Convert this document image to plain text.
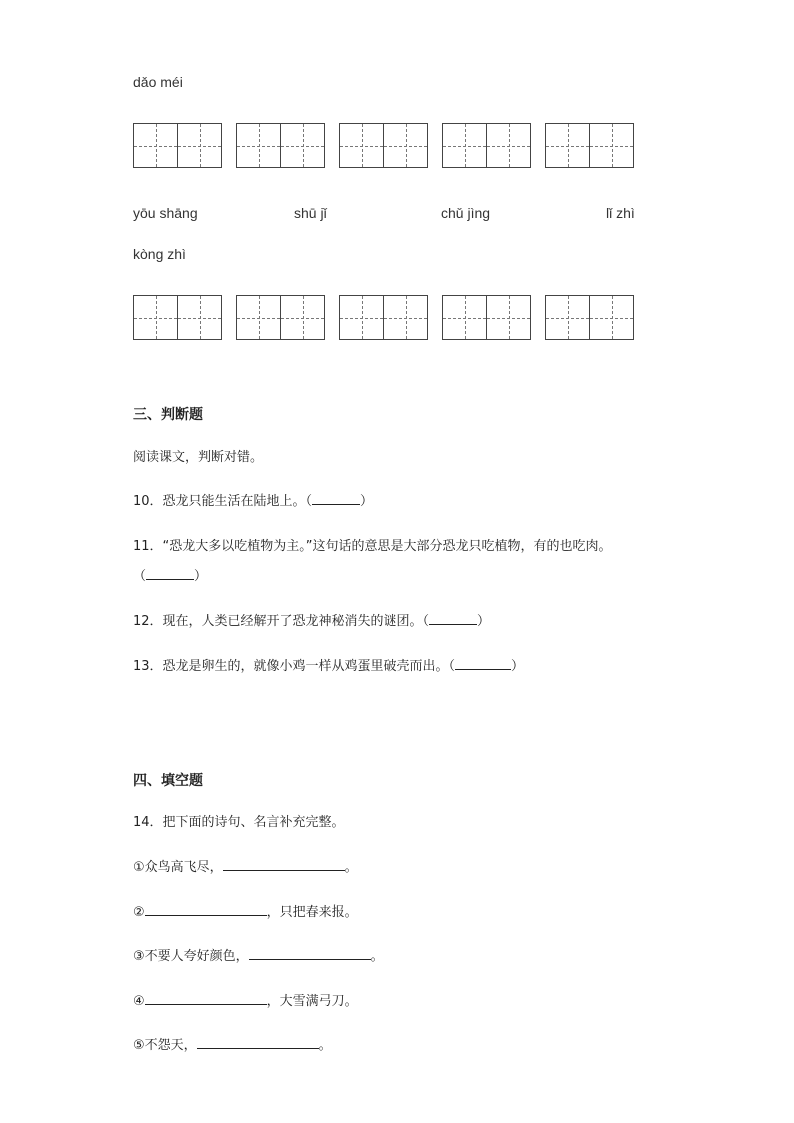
dǎo méi
yōu shāng	shū jǐ	chǔ jìng	lǐ zhì
kòng zhì
三、判断题
阅读课文，判断对错。
10．恐龙只能生活在陆地上。（	）
11．“恐龙大多以吃植物为主。”这句话的意思是大部分恐龙只吃植物，有的也吃肉。
（	）
12．现在，人类已经解开了恐龙神秘消失的谜团。（	）
13．恐龙是卵生的，就像小鸡一样从鸡蛋里破壳而出。（	）
四、填空题
14．把下面的诗句、名言补充完整。
①众鸟高飞尽，	。
②	，只把春来报。
③不要人夸好颜色，	。
④	，大雪满弓刀。
⑤不怨天，	。
